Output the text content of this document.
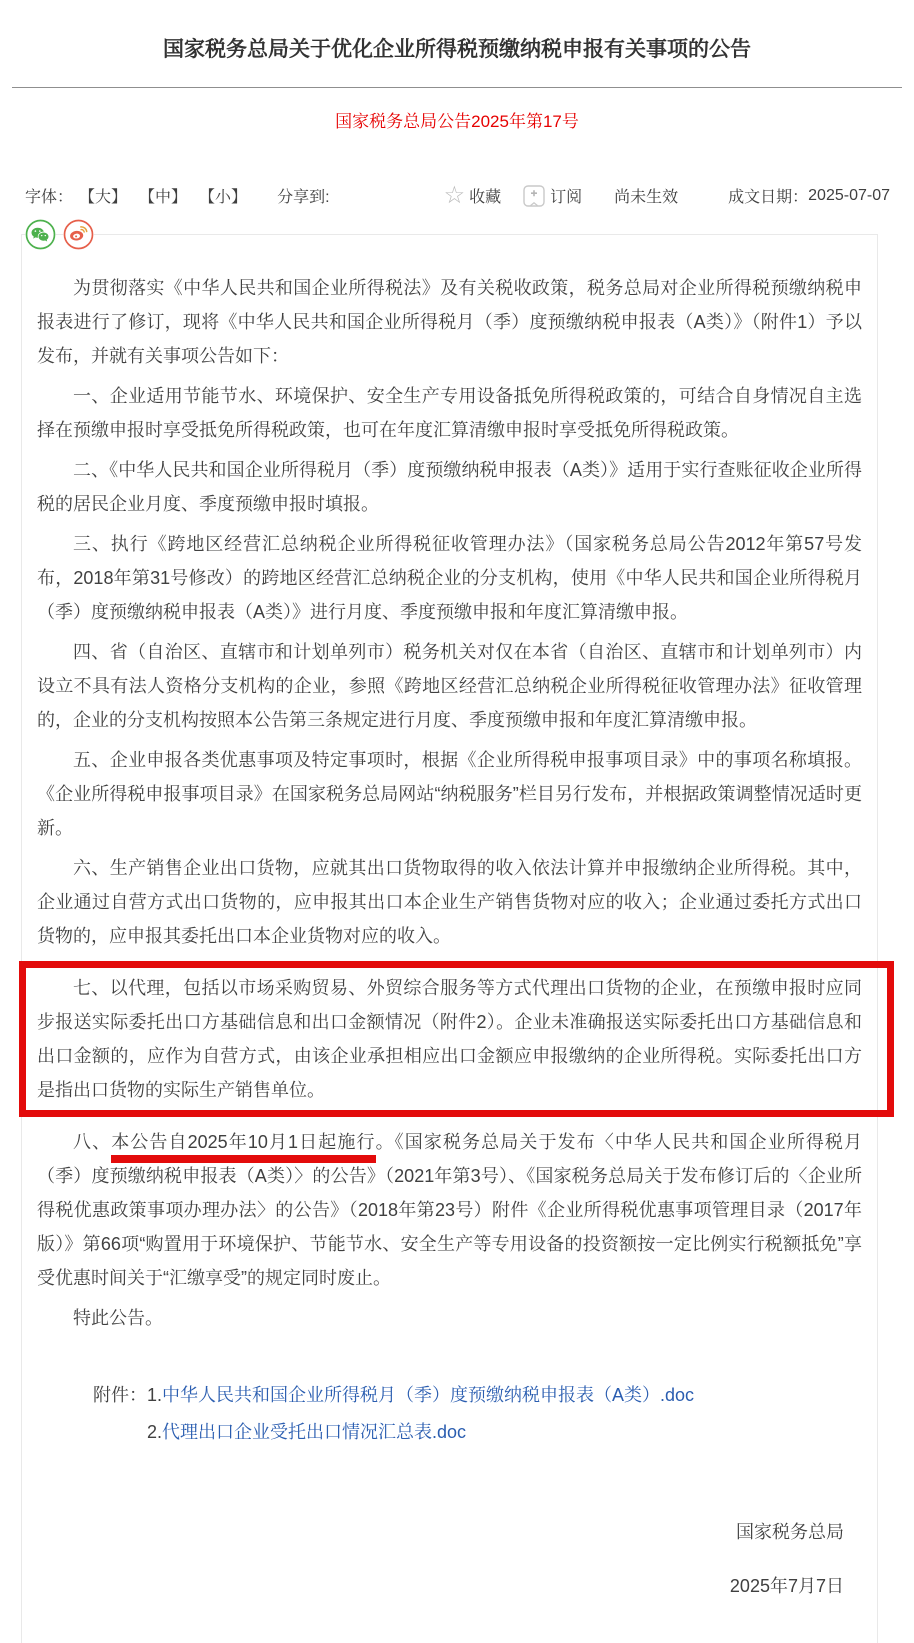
国家税务总局关于优化企业所得税预缴纳税申报有关事项的公告
国家税务总局公告2025年第17号
字体： 【大】 【中】 【小】 分享到:	☆ 收藏	订阅 尚未生效	成文日期： 2025-07-07

为贯彻落实《中华人民共和国企业所得税法》及有关税收政策，税务总局对企业所得税预缴纳税申报表进行了修订，现将《中华人民共和国企业所得税月（季）度预缴纳税申报表（A类）》（附件1）予以发布，并就有关事项公告如下：

一、企业适用节能节水、环境保护、安全生产专用设备抵免所得税政策的，可结合自身情况自主选择在预缴申报时享受抵免所得税政策，也可在年度汇算清缴申报时享受抵免所得税政策。

二、《中华人民共和国企业所得税月（季）度预缴纳税申报表（A类）》适用于实行查账征收企业所得税的居民企业月度、季度预缴申报时填报。

三、执行《跨地区经营汇总纳税企业所得税征收管理办法》（国家税务总局公告2012年第57号发布，2018年第31号修改）的跨地区经营汇总纳税企业的分支机构，使用《中华人民共和国企业所得税月（季）度预缴纳税申报表（A类）》进行月度、季度预缴申报和年度汇算清缴申报。

四、省（自治区、直辖市和计划单列市）税务机关对仅在本省（自治区、直辖市和计划单列市）内设立不具有法人资格分支机构的企业，参照《跨地区经营汇总纳税企业所得税征收管理办法》征收管理的，企业的分支机构按照本公告第三条规定进行月度、季度预缴申报和年度汇算清缴申报。

五、企业申报各类优惠事项及特定事项时，根据《企业所得税申报事项目录》中的事项名称填报。《企业所得税申报事项目录》在国家税务总局网站“纳税服务”栏目另行发布，并根据政策调整情况适时更新。

六、生产销售企业出口货物，应就其出口货物取得的收入依法计算并申报缴纳企业所得税。其中，企业通过自营方式出口货物的，应申报其出口本企业生产销售货物对应的收入；企业通过委托方式出口货物的，应申报其委托出口本企业货物对应的收入。

七、以代理，包括以市场采购贸易、外贸综合服务等方式代理出口货物的企业，在预缴申报时应同步报送实际委托出口方基础信息和出口金额情况（附件2）。企业未准确报送实际委托出口方基础信息和出口金额的，应作为自营方式，由该企业承担相应出口金额应申报缴纳的企业所得税。实际委托出口方是指出口货物的实际生产销售单位。

八、本公告自2025年10月1日起施行。《国家税务总局关于发布〈中华人民共和国企业所得税月（季）度预缴纳税申报表（A类）〉的公告》（2021年第3号）、《国家税务总局关于发布修订后的〈企业所得税优惠政策事项办理办法〉的公告》（2018年第23号）附件《企业所得税优惠事项管理目录（2017年版）》第66项“购置用于环境保护、节能节水、安全生产等专用设备的投资额按一定比例实行税额抵免”享受优惠时间关于“汇缴享受”的规定同时废止。

特此公告。

附件：1.中华人民共和国企业所得税月（季）度预缴纳税申报表（A类）.doc
2.代理出口企业受托出口情况汇总表.doc
国家税务总局
2025年7月7日
